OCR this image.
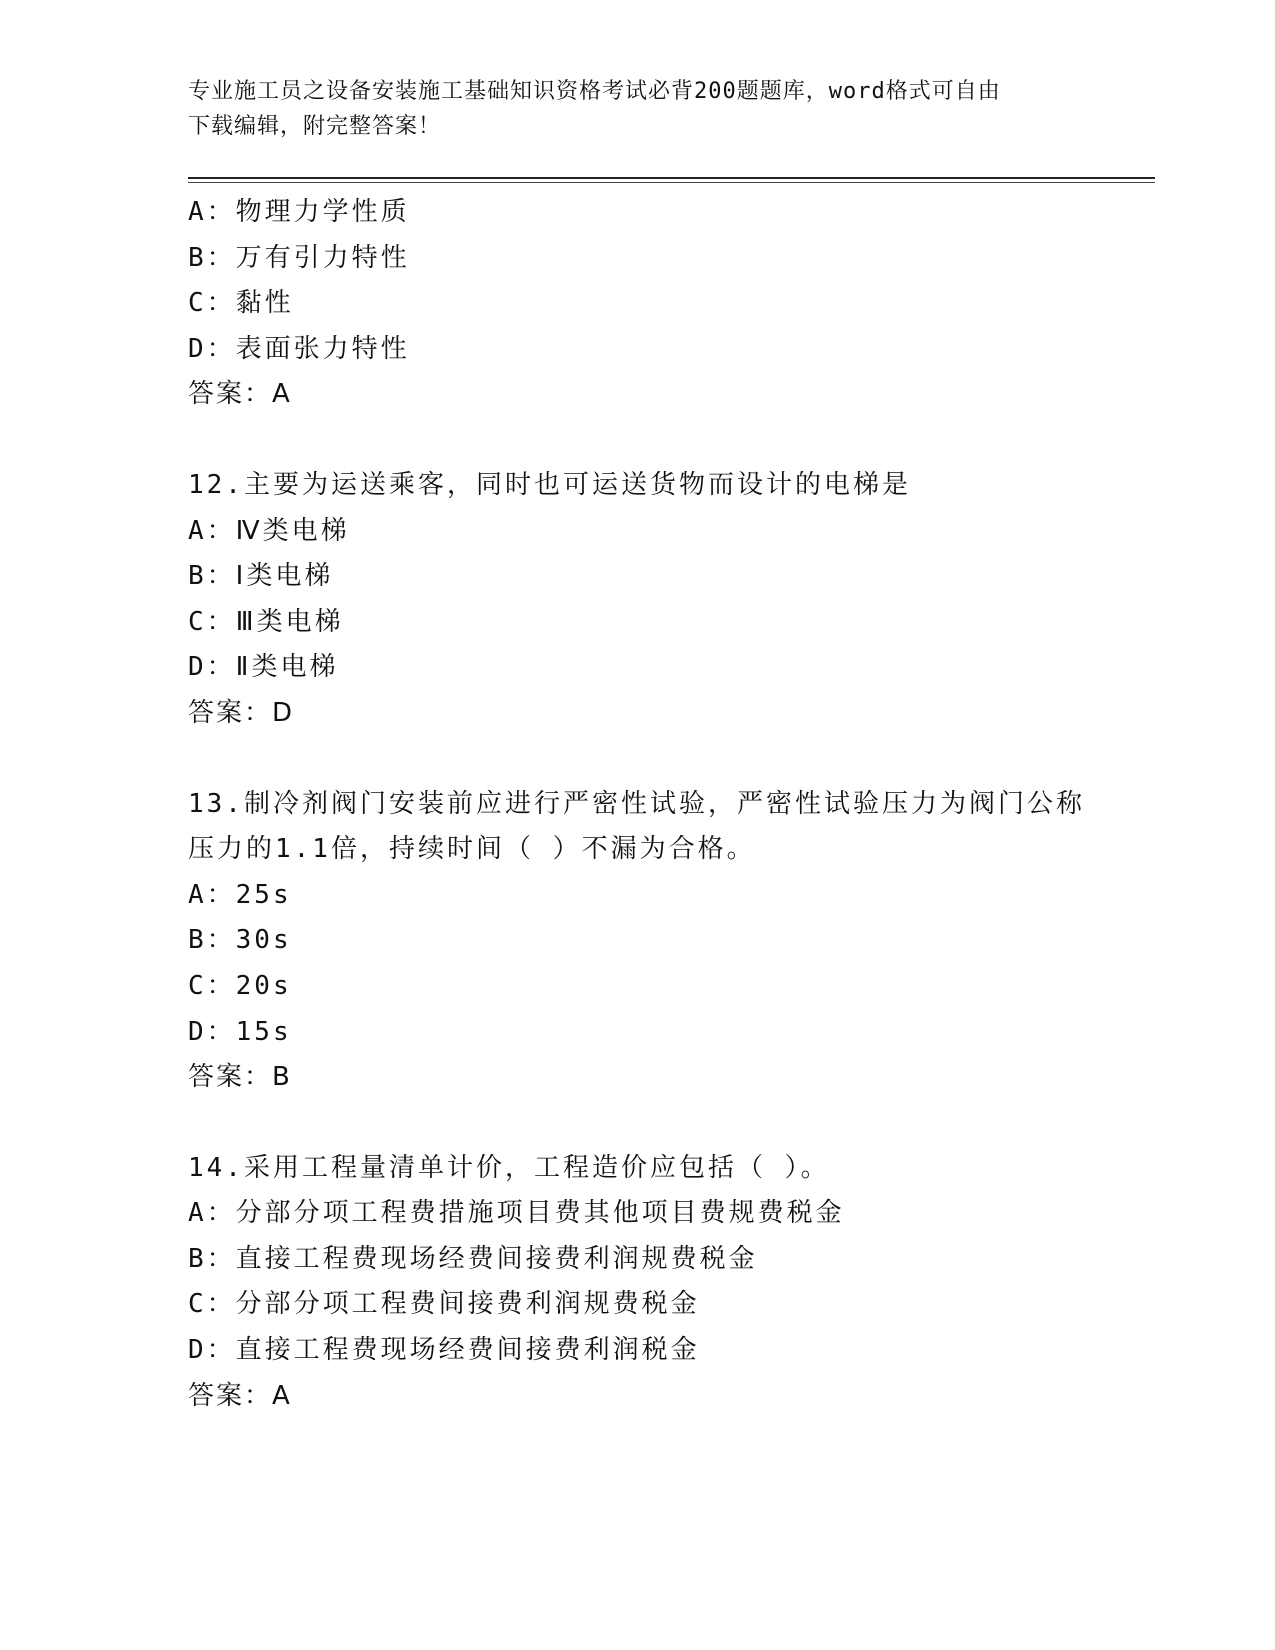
专业施工员之设备安装施工基础知识资格考试必背200题题库，word格式可自由
下载编辑，附完整答案！
A：物理力学性质
B：万有引力特性
C：黏性
D：表面张力特性
答案：A
12.主要为运送乘客，同时也可运送货物而设计的电梯是
A：Ⅳ类电梯
B：Ⅰ类电梯
C：Ⅲ类电梯
D：Ⅱ类电梯
答案：D
13.制冷剂阀门安装前应进行严密性试验，严密性试验压力为阀门公称
压力的1.1倍，持续时间（ ）不漏为合格。
A：25s
B：30s
C：20s
D：15s
答案：B
14.采用工程量清单计价，工程造价应包括（ ）。
A：分部分项工程费措施项目费其他项目费规费税金
B：直接工程费现场经费间接费利润规费税金
C：分部分项工程费间接费利润规费税金
D：直接工程费现场经费间接费利润税金
答案：A
